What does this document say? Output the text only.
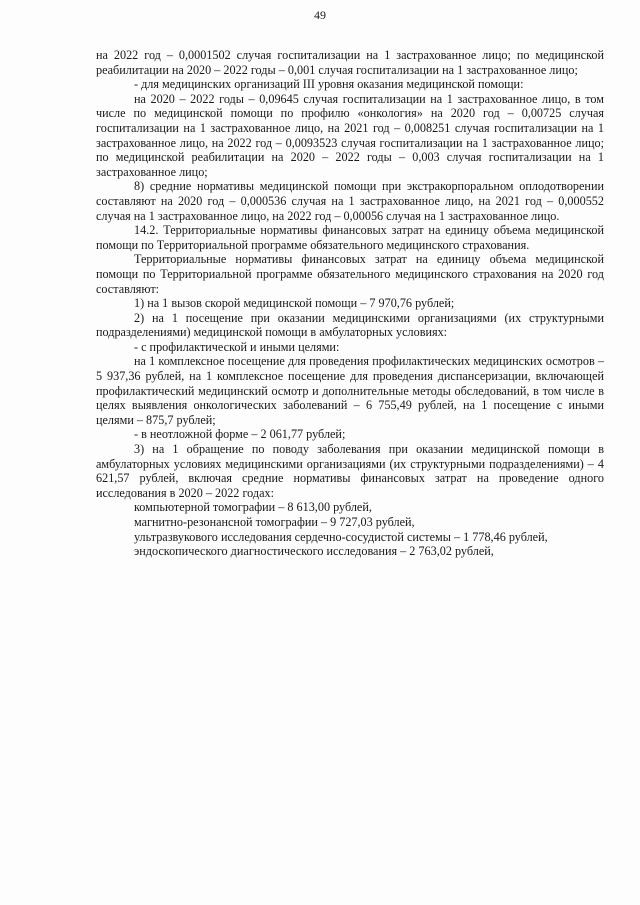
49

на 2022 год – 0,0001502 случая госпитализации на 1 застрахованное лицо; по медицинской реабилитации на 2020 – 2022 годы – 0,001 случая госпитализации на 1 застрахованное лицо;

- для медицинских организаций III уровня оказания медицинской помощи:

на 2020 – 2022 годы – 0,09645 случая госпитализации на 1 застрахованное лицо, в том числе по медицинской помощи по профилю «онкология» на 2020 год – 0,00725 случая госпитализации на 1 застрахованное лицо, на 2021 год – 0,008251 случая госпитализации на 1 застрахованное лицо, на 2022 год – 0,0093523 случая госпитализации на 1 застрахованное лицо; по медицинской реабилитации на 2020 – 2022 годы – 0,003 случая госпитализации на 1 застрахованное лицо;

8) средние нормативы медицинской помощи при экстракорпоральном оплодотворении составляют на 2020 год – 0,000536 случая на 1 застрахованное лицо, на 2021 год – 0,000552 случая на 1 застрахованное лицо, на 2022 год – 0,00056 случая на 1 застрахованное лицо.

14.2. Территориальные нормативы финансовых затрат на единицу объема медицинской помощи по Территориальной программе обязательного медицинского страхования.

Территориальные нормативы финансовых затрат на единицу объема медицинской помощи по Территориальной программе обязательного медицинского страхования на 2020 год составляют:

1) на 1 вызов скорой медицинской помощи – 7 970,76 рублей;

2) на 1 посещение при оказании медицинскими организациями (их структурными подразделениями) медицинской помощи в амбулаторных условиях:

- с профилактической и иными целями:

на 1 комплексное посещение для проведения профилактических медицинских осмотров – 5 937,36 рублей, на 1 комплексное посещение для проведения диспансеризации, включающей профилактический медицинский осмотр и дополнительные методы обследований, в том числе в целях выявления онкологических заболеваний – 6 755,49 рублей, на 1 посещение с иными целями – 875,7 рублей;

- в неотложной форме – 2 061,77 рублей;

3) на 1 обращение по поводу заболевания при оказании медицинской помощи в амбулаторных условиях медицинскими организациями (их структурными подразделениями) – 4 621,57 рублей, включая средние нормативы финансовых затрат на проведение одного исследования в 2020 – 2022 годах:

компьютерной томографии – 8 613,00 рублей,

магнитно-резонансной томографии – 9 727,03 рублей,

ультразвукового исследования сердечно-сосудистой системы – 1 778,46 рублей,

эндоскопического диагностического исследования – 2 763,02 рублей,
